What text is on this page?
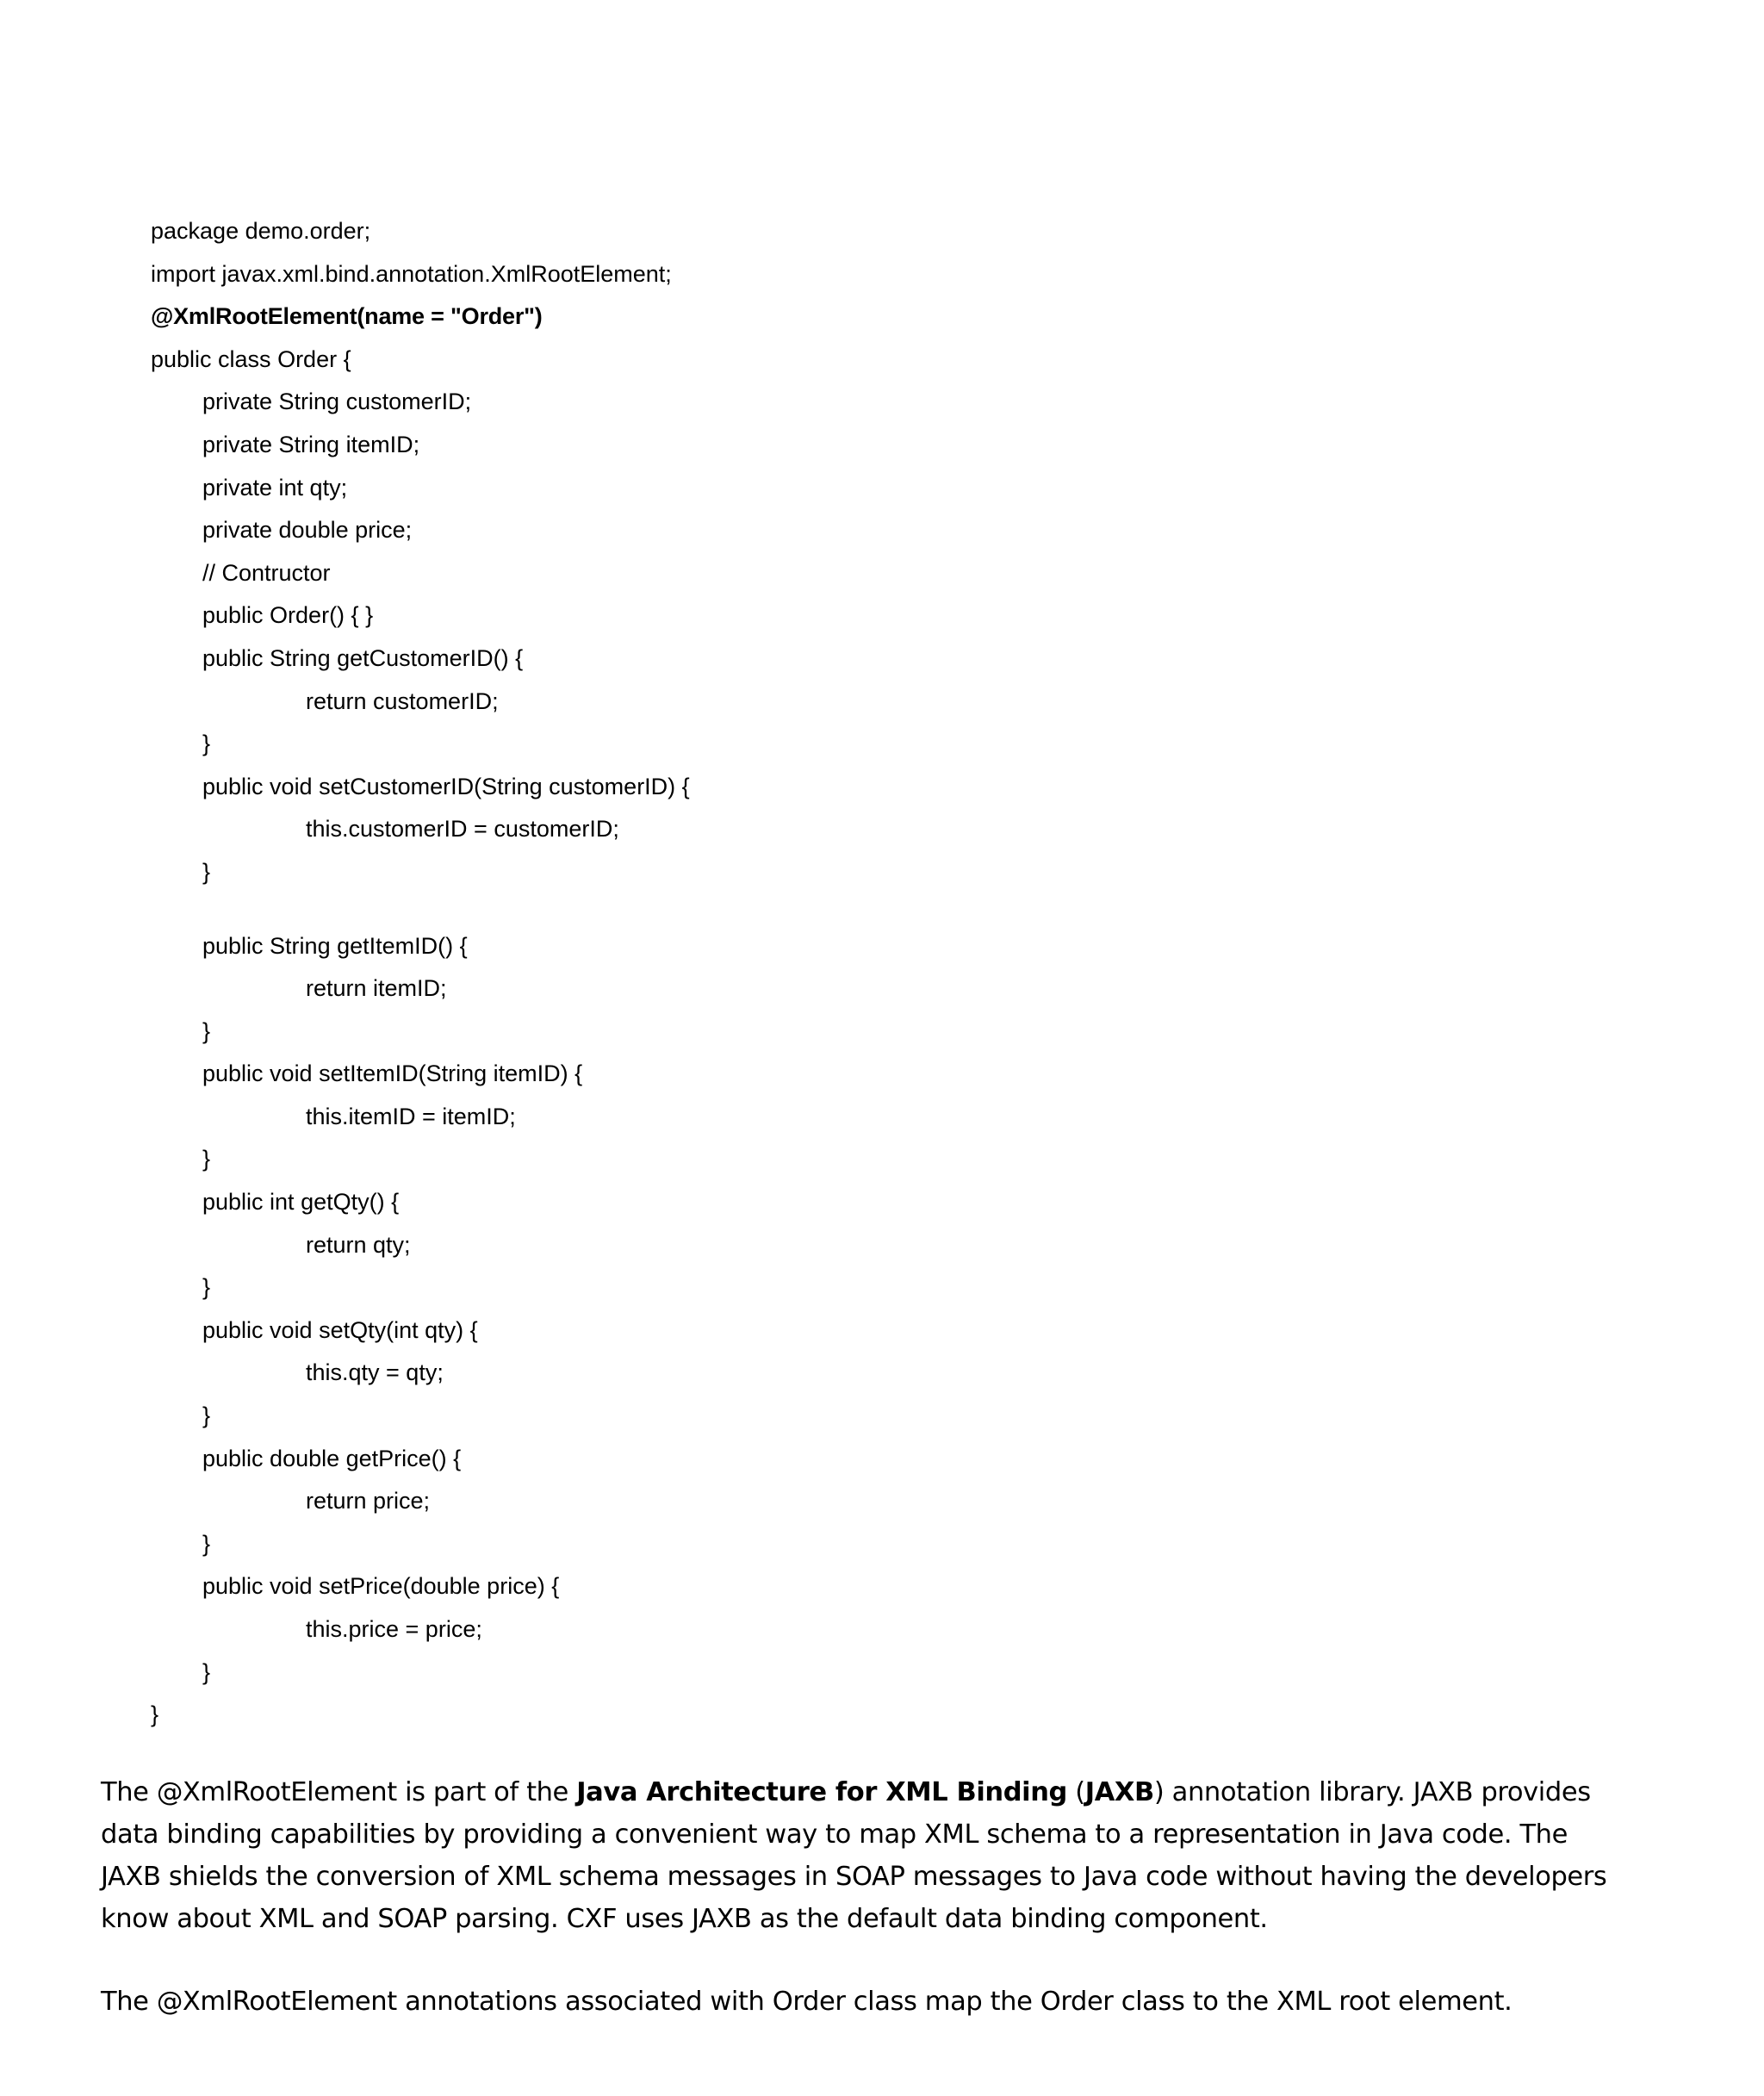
package demo.order;
import javax.xml.bind.annotation.XmlRootElement;
@XmlRootElement(name = "Order")
public class Order {
private String customerID;
private String itemID;
private int qty;
private double price;
// Contructor
public Order() { }
public String getCustomerID() {
return customerID;
}
public void setCustomerID(String customerID) {
this.customerID = customerID;
}
public String getItemID() {
return itemID;
}
public void setItemID(String itemID) {
this.itemID = itemID;
}
public int getQty() {
return qty;
}
public void setQty(int qty) {
this.qty = qty;
}
public double getPrice() {
return price;
}
public void setPrice(double price) {
this.price = price;
}
}

The @XmlRootElement is part of the Java Architecture for XML Binding (JAXB) annotation library. JAXB provides data binding capabilities by providing a convenient way to map XML schema to a representation in Java code. The JAXB shields the conversion of XML schema messages in SOAP messages to Java code without having the developers know about XML and SOAP parsing. CXF uses JAXB as the default data binding component.

The @XmlRootElement annotations associated with Order class map the Order class to the XML root element.
